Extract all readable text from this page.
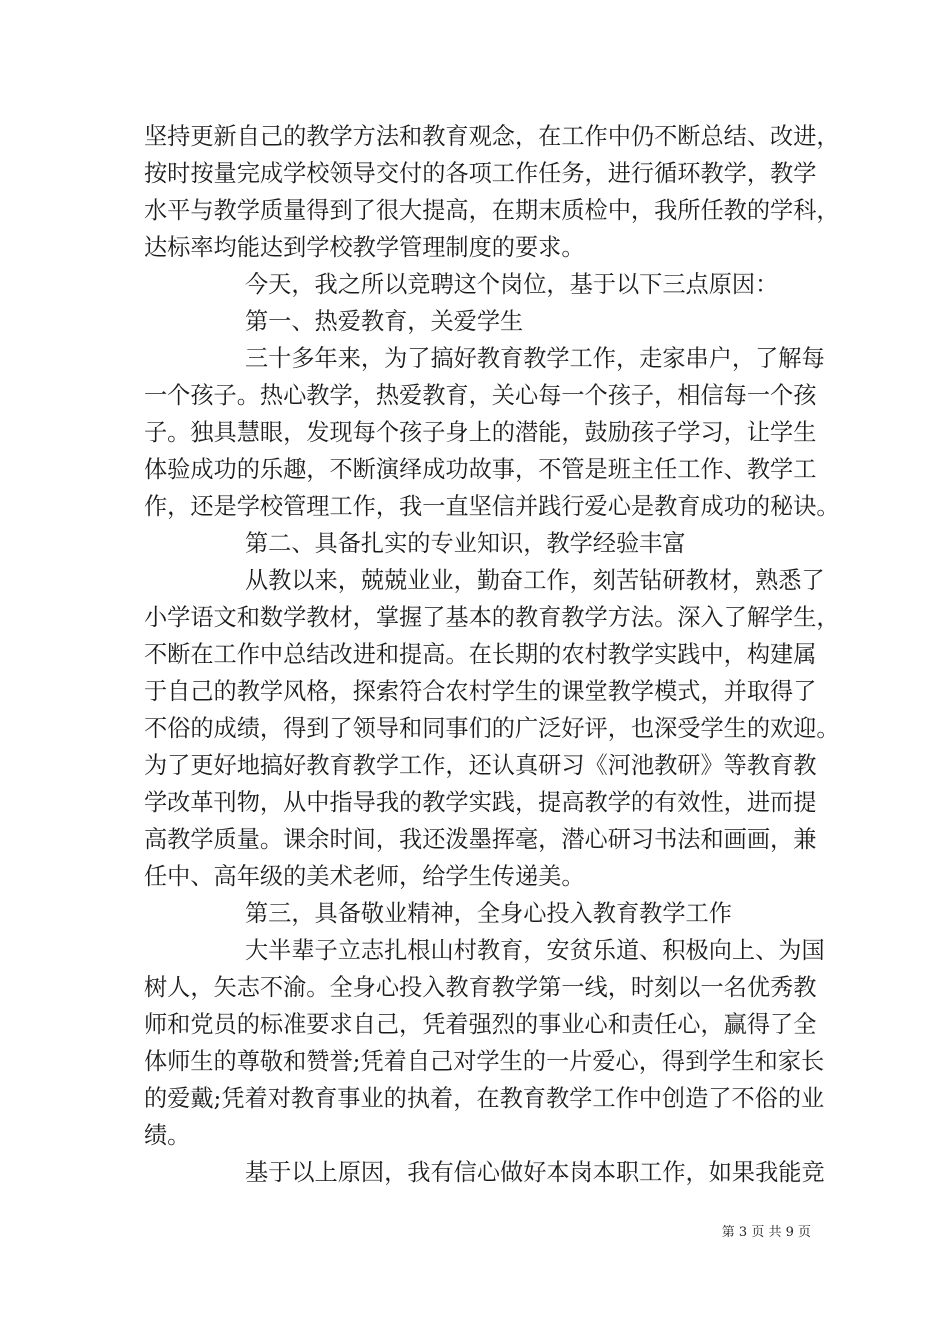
坚持更新自己的教学方法和教育观念，在工作中仍不断总结、改进，
按时按量完成学校领导交付的各项工作任务，进行循环教学，教学
水平与教学质量得到了很大提高，在期末质检中，我所任教的学科，
达标率均能达到学校教学管理制度的要求。
今天，我之所以竞聘这个岗位，基于以下三点原因：
第一、热爱教育，关爱学生
三十多年来，为了搞好教育教学工作，走家串户，了解每
一个孩子。热心教学，热爱教育，关心每一个孩子，相信每一个孩
子。独具慧眼，发现每个孩子身上的潜能，鼓励孩子学习，让学生
体验成功的乐趣，不断演绎成功故事，不管是班主任工作、教学工
作，还是学校管理工作，我一直坚信并践行爱心是教育成功的秘诀。
第二、具备扎实的专业知识，教学经验丰富
从教以来，兢兢业业，勤奋工作，刻苦钻研教材，熟悉了
小学语文和数学教材，掌握了基本的教育教学方法。深入了解学生，
不断在工作中总结改进和提高。在长期的农村教学实践中，构建属
于自己的教学风格，探索符合农村学生的课堂教学模式，并取得了
不俗的成绩，得到了领导和同事们的广泛好评，也深受学生的欢迎。
为了更好地搞好教育教学工作，还认真研习《河池教研》等教育教
学改革刊物，从中指导我的教学实践，提高教学的有效性，进而提
高教学质量。课余时间，我还泼墨挥毫，潜心研习书法和画画，兼
任中、高年级的美术老师，给学生传递美。
第三，具备敬业精神，全身心投入教育教学工作
大半辈子立志扎根山村教育，安贫乐道、积极向上、为国
树人，矢志不渝。全身心投入教育教学第一线，时刻以一名优秀教
师和党员的标准要求自己，凭着强烈的事业心和责任心，赢得了全
体师生的尊敬和赞誉;凭着自己对学生的一片爱心，得到学生和家长
的爱戴;凭着对教育事业的执着，在教育教学工作中创造了不俗的业
绩。
基于以上原因，我有信心做好本岗本职工作，如果我能竞
第 3 页 共 9 页
